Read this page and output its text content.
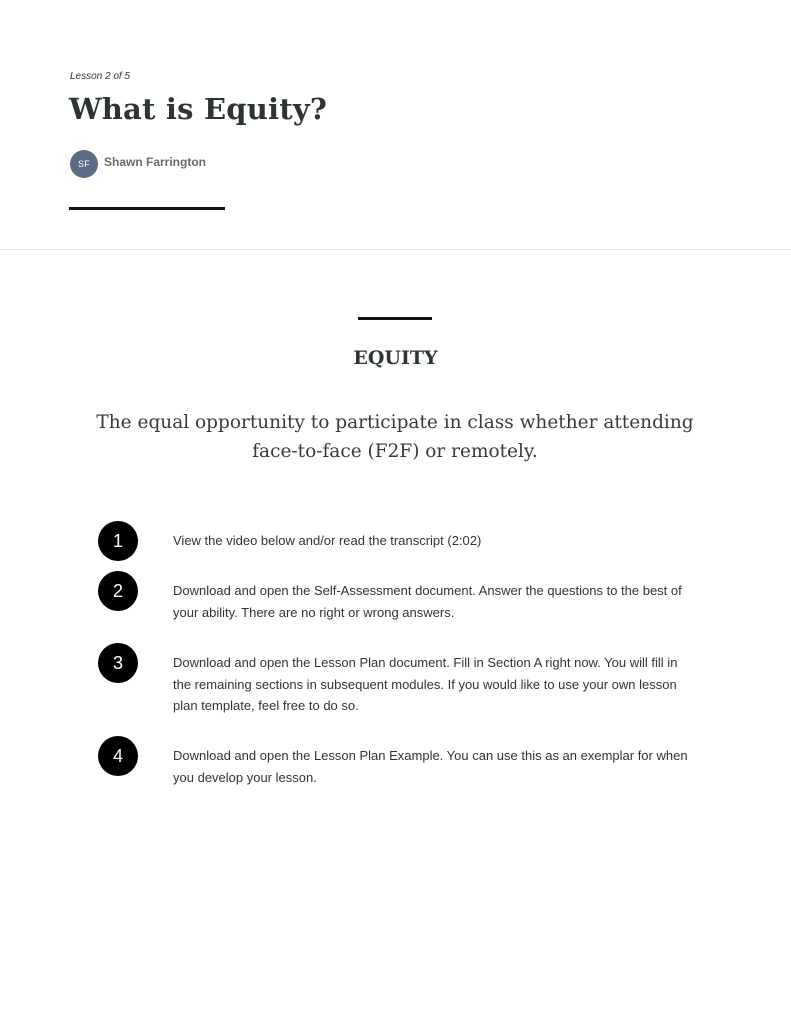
Lesson 2 of 5
What is Equity?
SF	Shawn Farrington
EQUITY

The equal opportunity to participate in class whether attending face-to-face (F2F) or remotely.

1	View the video below and/or read the transcript (2:02)
2	Download and open the Self-Assessment document. Answer the questions to the best of your ability. There are no right or wrong answers.
3	Download and open the Lesson Plan document. Fill in Section A right now. You will fill in the remaining sections in subsequent modules. If you would like to use your own lesson plan template, feel free to do so.
4	Download and open the Lesson Plan Example. You can use this as an exemplar for when you develop your lesson.
